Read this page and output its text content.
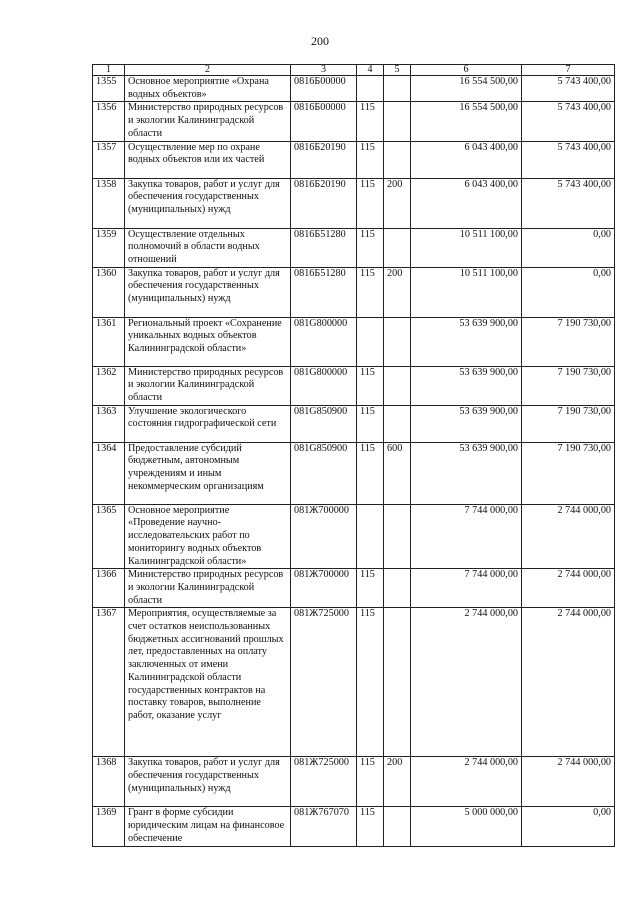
200
1	2	3	4	5	6	7
1355	Основное мероприятие «Охрана водных объектов»	0816Б00000			16 554 500,00	5 743 400,00
1356	Министерство природных ресурсов и экологии Калининградской области	0816Б00000	115		16 554 500,00	5 743 400,00
1357	Осуществление мер по охране водных объектов или их частей	0816Б20190	115		6 043 400,00	5 743 400,00
1358	Закупка товаров, работ и услуг для обеспечения государственных (муниципальных) нужд	0816Б20190	115	200	6 043 400,00	5 743 400,00
1359	Осуществление отдельных полномочий в области водных отношений	0816Б51280	115		10 511 100,00	0,00
1360	Закупка товаров, работ и услуг для обеспечения государственных (муниципальных) нужд	0816Б51280	115	200	10 511 100,00	0,00
1361	Региональный проект «Сохранение уникальных водных объектов Калининградской области»	081G800000			53 639 900,00	7 190 730,00
1362	Министерство природных ресурсов и экологии Калининградской области	081G800000	115		53 639 900,00	7 190 730,00
1363	Улучшение экологического состояния гидрографической сети	081G850900	115		53 639 900,00	7 190 730,00
1364	Предоставление субсидий бюджетным, автономным учреждениям и иным некоммерческим организациям	081G850900	115	600	53 639 900,00	7 190 730,00
1365	Основное мероприятие «Проведение научно-исследовательских работ по мониторингу водных объектов Калининградской области»	081Ж700000			7 744 000,00	2 744 000,00
1366	Министерство природных ресурсов и экологии Калининградской области	081Ж700000	115		7 744 000,00	2 744 000,00
1367	Мероприятия, осуществляемые за счет остатков неиспользованных бюджетных ассигнований прошлых лет, предоставленных на оплату заключенных от имени Калининградской области государственных контрактов на поставку товаров, выполнение работ, оказание услуг	081Ж725000	115		2 744 000,00	2 744 000,00
1368	Закупка товаров, работ и услуг для обеспечения государственных (муниципальных) нужд	081Ж725000	115	200	2 744 000,00	2 744 000,00
1369	Грант в форме субсидии юридическим лицам на финансовое обеспечение	081Ж767070	115		5 000 000,00	0,00
